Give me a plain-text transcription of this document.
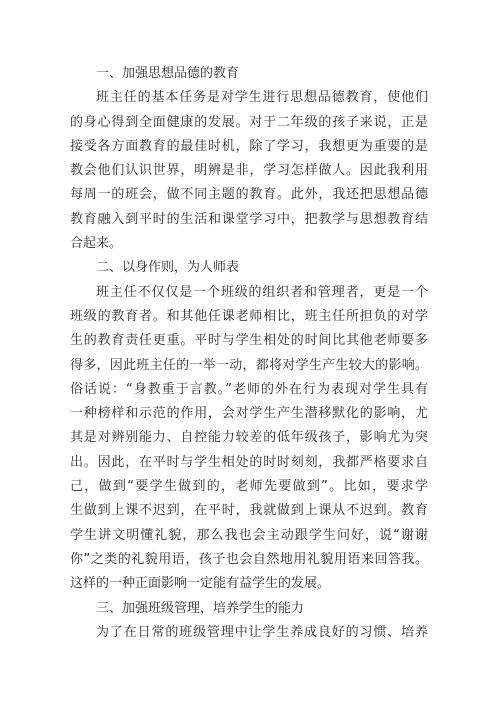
一、加强思想品德的教育
班主任的基本任务是对学生进行思想品德教育，使他们
的身心得到全面健康的发展。对于二年级的孩子来说，正是
接受各方面教育的最佳时机，除了学习，我想更为重要的是
教会他们认识世界，明辨是非，学习怎样做人。因此我利用
每周一的班会，做不同主题的教育。此外，我还把思想品德
教育融入到平时的生活和课堂学习中，把教学与思想教育结
合起来。
二、以身作则，为人师表
班主任不仅仅是一个班级的组织者和管理者，更是一个
班级的教育者。和其他任课老师相比，班主任所担负的对学
生的教育责任更重。平时与学生相处的时间比其他老师要多
得多，因此班主任的一举一动，都将对学生产生较大的影响。
俗话说：“身教重于言教。”老师的外在行为表现对学生具有
一种榜样和示范的作用，会对学生产生潜移默化的影响，尤
其是对辨别能力、自控能力较差的低年级孩子，影响尤为突
出。因此，在平时与学生相处的时时刻刻，我都严格要求自
己，做到“要学生做到的，老师先要做到”。比如，要求学
生做到上课不迟到，在平时，我就做到上课从不迟到。教育
学生讲文明懂礼貌，那么我也会主动跟学生问好，说“谢谢
你”之类的礼貌用语，孩子也会自然地用礼貌用语来回答我。
这样的一种正面影响一定能有益学生的发展。
三、加强班级管理，培养学生的能力
为了在日常的班级管理中让学生养成良好的习惯、培养
